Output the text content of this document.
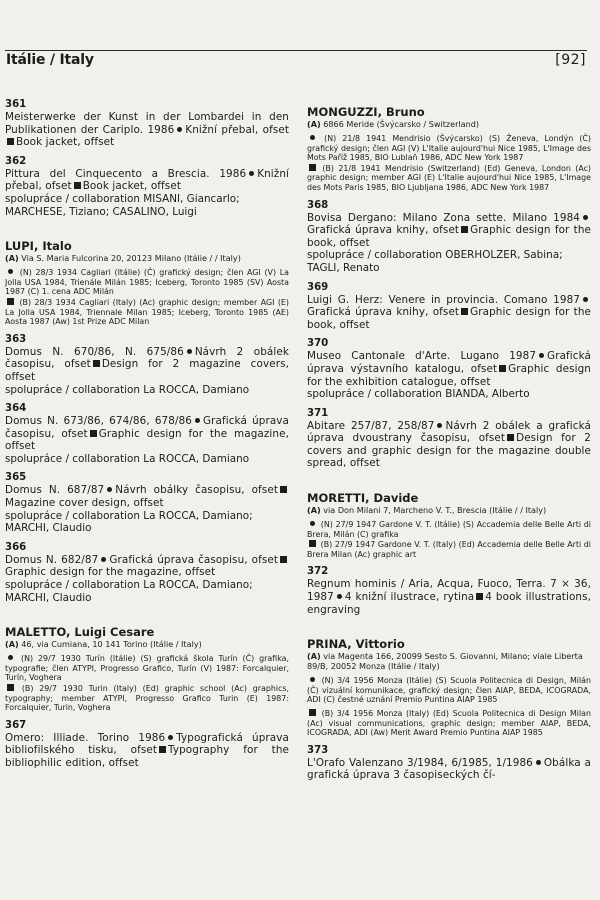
Itálie / Italy	[92]
361
Meisterwerke der Kunst in der Lombardei in den Publikationen der Cariplo. 1986 Knižní přebal, ofsetBook jacket, offset
362
Pittura del Cinquecento a Brescia. 1986 Knižní přebal, ofset Book jacket, offset
spolupráce / collaboration MISANI, Giancarlo; MARCHESE, Tiziano; CASALINO, Luigi
LUPI, Italo
(A) Via S. Maria Fulcorina 20, 20123 Milano (Itálie / / Italy)
(N) 28/3 1934 Cagliari (Itálie) (Č) grafický design; člen AGI (V) La Jolla USA 1984, Trienále Milán 1985; Iceberg, Toronto 1985 (SV) Aosta 1987 (C) 1. cena ADC Milán
(B) 28/3 1934 Cagliari (Italy) (Ac) graphic design; member AGI (E) La Jolla USA 1984, Triennale Milan 1985; Iceberg, Toronto 1985 (AE) Aosta 1987 (Aw) 1st Prize ADC Milan
363
Domus N. 670/86, N. 675/86 Návrh 2 obálek časopisu, ofset Design for 2 magazine covers, offset
spolupráce / collaboration La ROCCA, Damiano
364
Domus N. 673/86, 674/86, 678/86 Grafická úprava časopisu, ofset Graphic design for the magazine, offset
spolupráce / collaboration La ROCCA, Damiano
365
Domus N. 687/87 Návrh obálky časopisu, ofsetMagazine cover design, offset
spolupráce / collaboration La ROCCA, Damiano; MARCHI, Claudio
366
Domus N. 682/87 Grafická úprava časopisu, ofsetGraphic design for the magazine, offset
spolupráce / collaboration La ROCCA, Damiano; MARCHI, Claudio
MALETTO, Luigi Cesare
(A) 46, via Cumiana, 10 141 Torino (Itálie / Italy)
(N) 29/7 1930 Turín (Itálie) (S) grafická škola Turín (Č) grafika, typografie; člen ATYPI, Progresso Grafico, Turín (V) 1987: Forcalquier, Turín, Voghera
(B) 29/7 1930 Turin (Italy) (Ed) graphic school (Ac) graphics, typography; member ATYPI, Progresso Grafico Turin (E) 1987: Forcalquier, Turin, Voghera
367
Omero: Illiade. Torino 1986 Typografická úprava bibliofilského tisku, ofset Typography for the bibliophilic edition, offset
MONGUZZI, Bruno
(A) 6866 Meride (Švýcarsko / Switzerland)
(N) 21/8 1941 Mendrisio (Švýcarsko) (S) Ženeva, Londýn (Č) grafický design; člen AGI (V) L'Italie aujourd'hui Nice 1985, L'Image des Mots Paříž 1985, BIO Lublaň 1986, ADC New York 1987
(B) 21/8 1941 Mendrisio (Switzerland) (Ed) Geneva, London (Ac) graphic design; member AGI (E) L'Italie aujourd'hui Nice 1985, L'Image des Mots Paris 1985, BIO Ljubljana 1986, ADC New York 1987
368
Bovisa Dergano: Milano Zona sette. Milano 1984Grafická úprava knihy, ofset Graphic design for the book, offset
spolupráce / collaboration OBERHOLZER, Sabina; TAGLI, Renato
369
Luigi G. Herz: Venere in provincia. Comano 1987Grafická úprava knihy, ofset Graphic design for the book, offset
370
Museo Cantonale d'Arte. Lugano 1987 Grafická úprava výstavního katalogu, ofset Graphic design for the exhibition catalogue, offset
spolupráce / collaboration BIANDA, Alberto
371
Abitare 257/87, 258/87 Návrh 2 obálek a grafická úprava dvoustrany časopisu, ofset Design for 2 covers and graphic design for the magazine double spread, offset
MORETTI, Davide
(A) via Don Milani 7, Marcheno V. T., Brescia (Itálie / / Italy)
(N) 27/9 1947 Gardone V. T. (Itálie) (S) Accademia delle Belle Arti di Brera, Milán (C) grafika
(B) 27/9 1947 Gardone V. T. (Italy) (Ed) Accademia delle Belle Arti di Brera Milan (Ac) graphic art
372
Regnum hominis / Aria, Acqua, Fuoco, Terra. 7 × 36, 1987 4 knižní ilustrace, rytina 4 book illustrations, engraving
PRINA, Vittorio
(A) via Magenta 166, 20099 Sesto S. Giovanni, Milano; viale Liberta 89/B, 20052 Monza (Itálie / Italy)
(N) 3/4 1956 Monza (Itálie) (S) Scuola Politecnica di Design, Milán (Č) vizuální komunikace, grafický design; člen AIAP, BEDA, ICOGRADA, ADI (C) čestné uznání Premio Puntina AIAP 1985
(B) 3/4 1956 Monza (Italy) (Ed) Scuola Politecnica di Design Milan (Ac) visual communications, graphic design; member AIAP, BEDA, ICOGRADA, ADI (Aw) Merit Award Premio Puntina AIAP 1985
373
L'Orafo Valenzano 3/1984, 6/1985, 1/1986 Obálka a grafická úprava 3 časopiseckých čí-
